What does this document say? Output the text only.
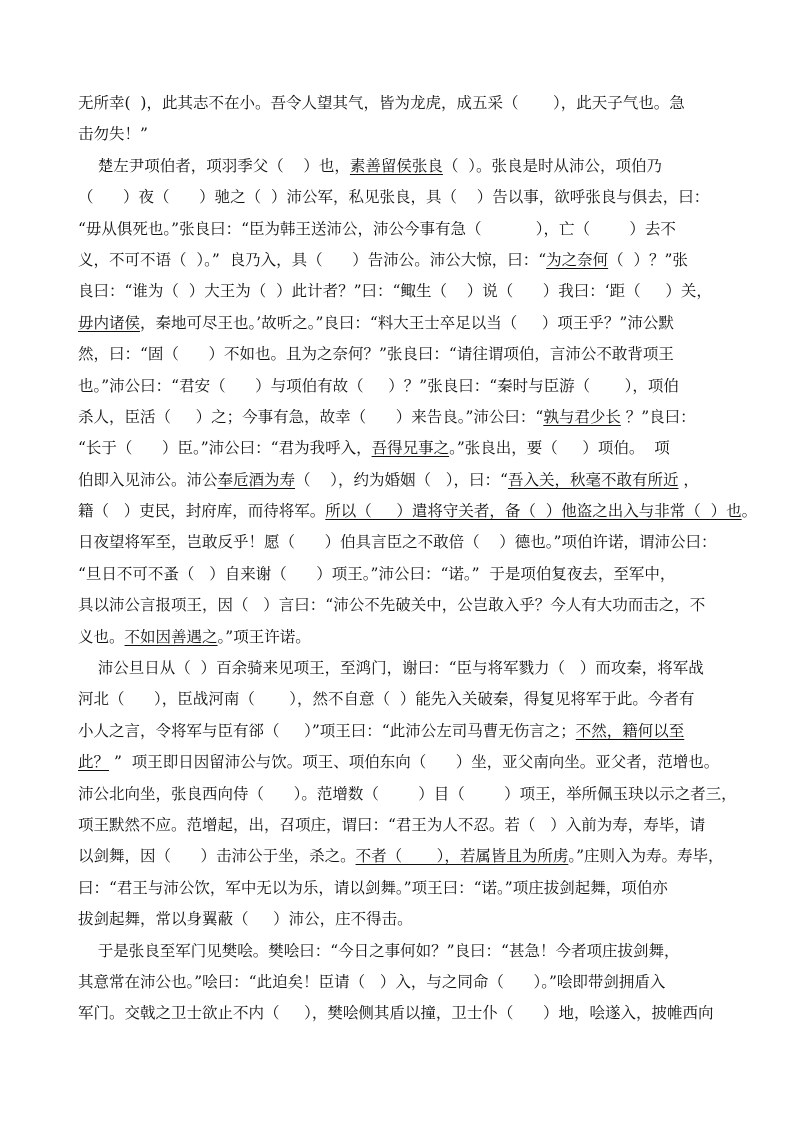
无所幸(  )，此其志不在小。吾令人望其气，皆为龙虎，成五采（       ），此天子气也。急
击勿失！”
楚左尹项伯者，项羽季父（    ）也，素善留侯张良（  ）。张良是时从沛公，项伯乃
（      ）夜（      ）驰之（  ）沛公军，私见张良，具（    ）告以事，欲呼张良与俱去，曰：
“毋从俱死也。”张良曰：“臣为韩王送沛公，沛公今事有急（           ），亡（        ）去不
义，不可不语（  ）。”  良乃入，具（      ）告沛公。沛公大惊，曰：“为之奈何（  ）？”张
良曰：“谁为（  ）大王为（  ）此计者？”曰：“鲰生（    ）说（      ）我曰：‘距（     ）关，
毋内诸侯，秦地可尽王也。’故听之。”良曰：“料大王士卒足以当（     ）项王乎？”沛公默
然，曰：“固（      ）不如也。且为之奈何？”张良曰：“请往谓项伯，言沛公不敢背项王
也。”沛公曰：“君安（      ）与项伯有故（     ）？”张良曰：“秦时与臣游（       ），项伯
杀人，臣活（     ）之；今事有急，故幸（      ）来告良。”沛公曰：“孰与君少长 ？”良曰：
“长于（      ）臣。”沛公曰：“君为我呼入，吾得兄事之。”张良出，要（     ）项伯。  项
伯即入见沛公。沛公奉卮酒为寿（    ），约为婚姻（   ），曰：“吾入关，秋毫不敢有所近 ，
籍（   ）吏民，封府库，而待将军。所以（     ）遣将守关者，备（  ）他盗之出入与非常（  ）也。
日夜望将军至，岂敢反乎！愿（      ）伯具言臣之不敢倍（    ）德也。”项伯许诺，谓沛公曰：
“旦日不可不蚤（   ）自来谢（      ）项王。”沛公曰：“诺。”  于是项伯复夜去，至军中，
具以沛公言报项王，因（   ）言曰：“沛公不先破关中，公岂敢入乎？今人有大功而击之，不
义也。不如因善遇之。”项王许诺。
沛公旦日从（  ）百余骑来见项王，至鸿门，谢曰：“臣与将军戮力（   ）而攻秦，将军战
河北（      ），臣战河南（       ），然不自意（  ）能先入关破秦，得复见将军于此。今者有
小人之言，令将军与臣有郤（     ）”项王曰：“此沛公左司马曹无伤言之；不然，籍何以至
此？ ”  项王即日因留沛公与饮。项王、项伯东向（      ）坐，亚父南向坐。亚父者，范增也。
沛公北向坐，张良西向侍（      ）。范增数（        ）目（        ）项王，举所佩玉玦以示之者三，
项王默然不应。范增起，出，召项庄，谓曰：“君王为人不忍。若（   ）入前为寿，寿毕，请
以剑舞，因（      ）击沛公于坐，杀之。不者（       ），若属皆且为所虏。”庄则入为寿。寿毕，
曰：“君王与沛公饮，军中无以为乐，请以剑舞。”项王曰：“诺。”项庄拔剑起舞，项伯亦
拔剑起舞，常以身翼蔽（     ）沛公，庄不得击。
于是张良至军门见樊哙。樊哙曰：“今日之事何如？”良曰：“甚急！今者项庄拔剑舞，
其意常在沛公也。”哙曰：“此迫矣！臣请（   ）入，与之同命（      ）。”哙即带剑拥盾入
军门。交戟之卫士欲止不内（     ），樊哙侧其盾以撞，卫士仆（      ）地，哙遂入，披帷西向
